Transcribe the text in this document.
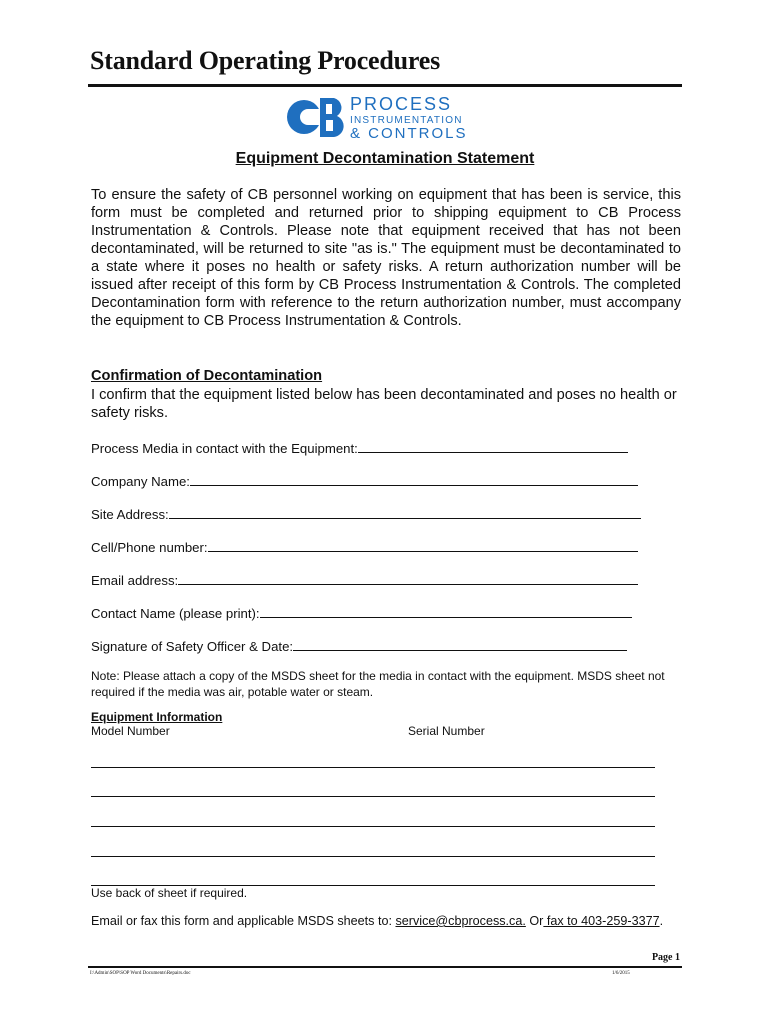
Standard Operating Procedures
PROCESS
INSTRUMENTATION
& CONTROLS
Equipment Decontamination Statement
To ensure the safety of CB personnel working on equipment that has been is service, this form must be completed and returned prior to shipping equipment to CB Process Instrumentation & Controls. Please note that equipment received that has not been decontaminated, will be returned to site "as is." The equipment must be decontaminated to a state where it poses no health or safety risks. A return authorization number will be issued after receipt of this form by CB Process Instrumentation & Controls. The completed Decontamination form with reference to the return authorization number, must accompany the equipment to CB Process Instrumentation & Controls.
Confirmation of Decontamination
I confirm that the equipment listed below has been decontaminated and poses no health or safety risks.
Process Media in contact with the Equipment:
Company Name:
Site Address:
Cell/Phone number:
Email address:
Contact Name (please print):
Signature of Safety Officer & Date:
Note: Please attach a copy of the MSDS sheet for the media in contact with the equipment. MSDS sheet not required if the media was air, potable water or steam.
Equipment Information
Model Number	Serial Number
Use back of sheet if required.
Email or fax this form and applicable MSDS sheets to: service@cbprocess.ca. Or fax to 403-259-3377.
Page 1
I:\Admin\SOP\SOP Word Documents\Repairs.doc	1/6/2015
